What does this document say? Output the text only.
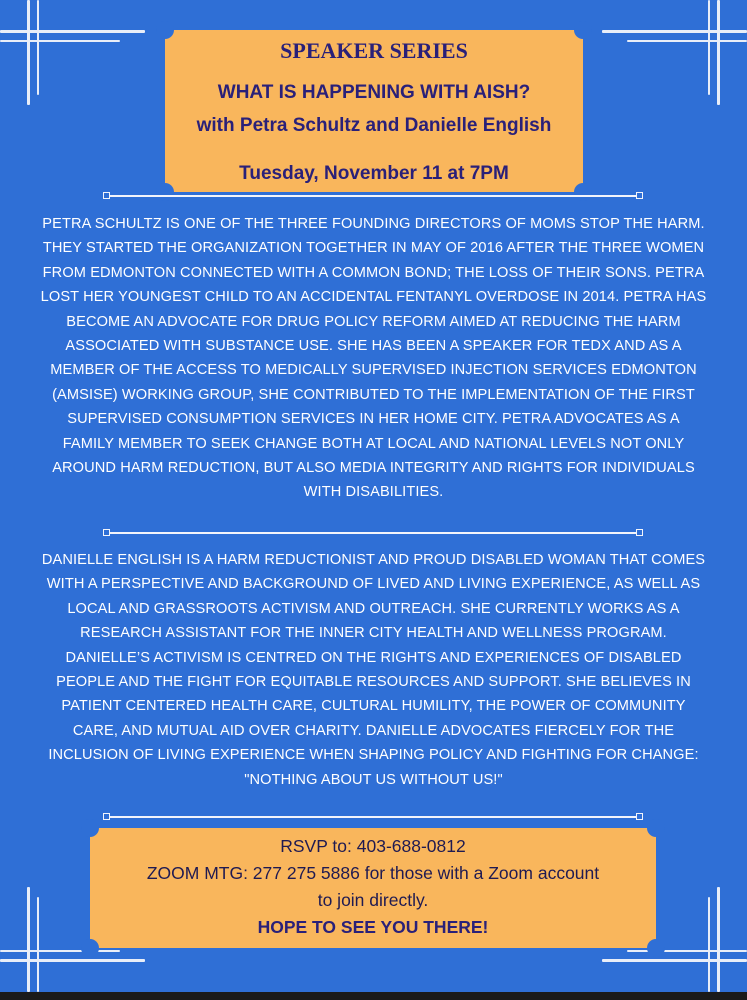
SPEAKER SERIES
WHAT IS HAPPENING WITH AISH?
with Petra Schultz and Danielle English
Tuesday, November 11 at 7PM
PETRA SCHULTZ IS ONE OF THE THREE FOUNDING DIRECTORS OF MOMS STOP THE HARM. THEY STARTED THE ORGANIZATION TOGETHER IN MAY OF 2016 AFTER THE THREE WOMEN FROM EDMONTON CONNECTED WITH A COMMON BOND; THE LOSS OF THEIR SONS. PETRA LOST HER YOUNGEST CHILD TO AN ACCIDENTAL FENTANYL OVERDOSE IN 2014. PETRA HAS BECOME AN ADVOCATE FOR DRUG POLICY REFORM AIMED AT REDUCING THE HARM ASSOCIATED WITH SUBSTANCE USE. SHE HAS BEEN A SPEAKER FOR TEDX AND AS A MEMBER OF THE ACCESS TO MEDICALLY SUPERVISED INJECTION SERVICES EDMONTON (AMSISE) WORKING GROUP, SHE CONTRIBUTED TO THE IMPLEMENTATION OF THE FIRST SUPERVISED CONSUMPTION SERVICES IN HER HOME CITY. PETRA ADVOCATES AS A FAMILY MEMBER TO SEEK CHANGE BOTH AT LOCAL AND NATIONAL LEVELS NOT ONLY AROUND HARM REDUCTION, BUT ALSO MEDIA INTEGRITY AND RIGHTS FOR INDIVIDUALS WITH DISABILITIES.
DANIELLE ENGLISH IS A HARM REDUCTIONIST AND PROUD DISABLED WOMAN THAT COMES WITH A PERSPECTIVE AND BACKGROUND OF LIVED AND LIVING EXPERIENCE, AS WELL AS LOCAL AND GRASSROOTS ACTIVISM AND OUTREACH. SHE CURRENTLY WORKS AS A RESEARCH ASSISTANT FOR THE INNER CITY HEALTH AND WELLNESS PROGRAM. DANIELLE’S ACTIVISM IS CENTRED ON THE RIGHTS AND EXPERIENCES OF DISABLED PEOPLE AND THE FIGHT FOR EQUITABLE RESOURCES AND SUPPORT. SHE BELIEVES IN PATIENT CENTERED HEALTH CARE, CULTURAL HUMILITY, THE POWER OF COMMUNITY CARE, AND MUTUAL AID OVER CHARITY. DANIELLE ADVOCATES FIERCELY FOR THE INCLUSION OF LIVING EXPERIENCE WHEN SHAPING POLICY AND FIGHTING FOR CHANGE: "NOTHING ABOUT US WITHOUT US!"
RSVP to: 403-688-0812
ZOOM MTG: 277 275 5886 for those with a Zoom account
to join directly.
HOPE TO SEE YOU THERE!
